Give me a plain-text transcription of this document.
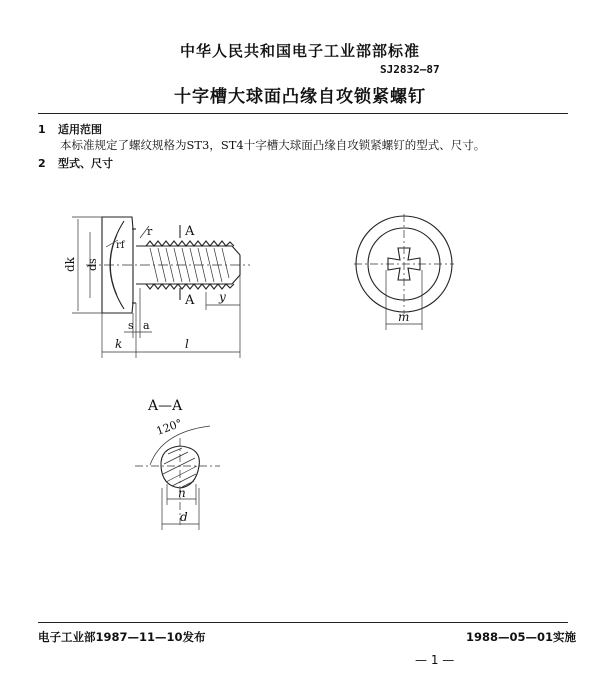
中华人民共和国电子工业部部标准
SJ2832—87
十字槽大球面凸缘自攻锁紧螺钉
1 适用范围
本标准规定了螺纹规格为ST3，ST4十字槽大球面凸缘自攻锁紧螺钉的型式、尺寸。
2 型式、尺寸
A
A
r
rf
dk ds
y
s a
k	l
m
A—A
120°
n
d
电子工业部1987—11—10发布	1988—05—01实施
— 1 —
